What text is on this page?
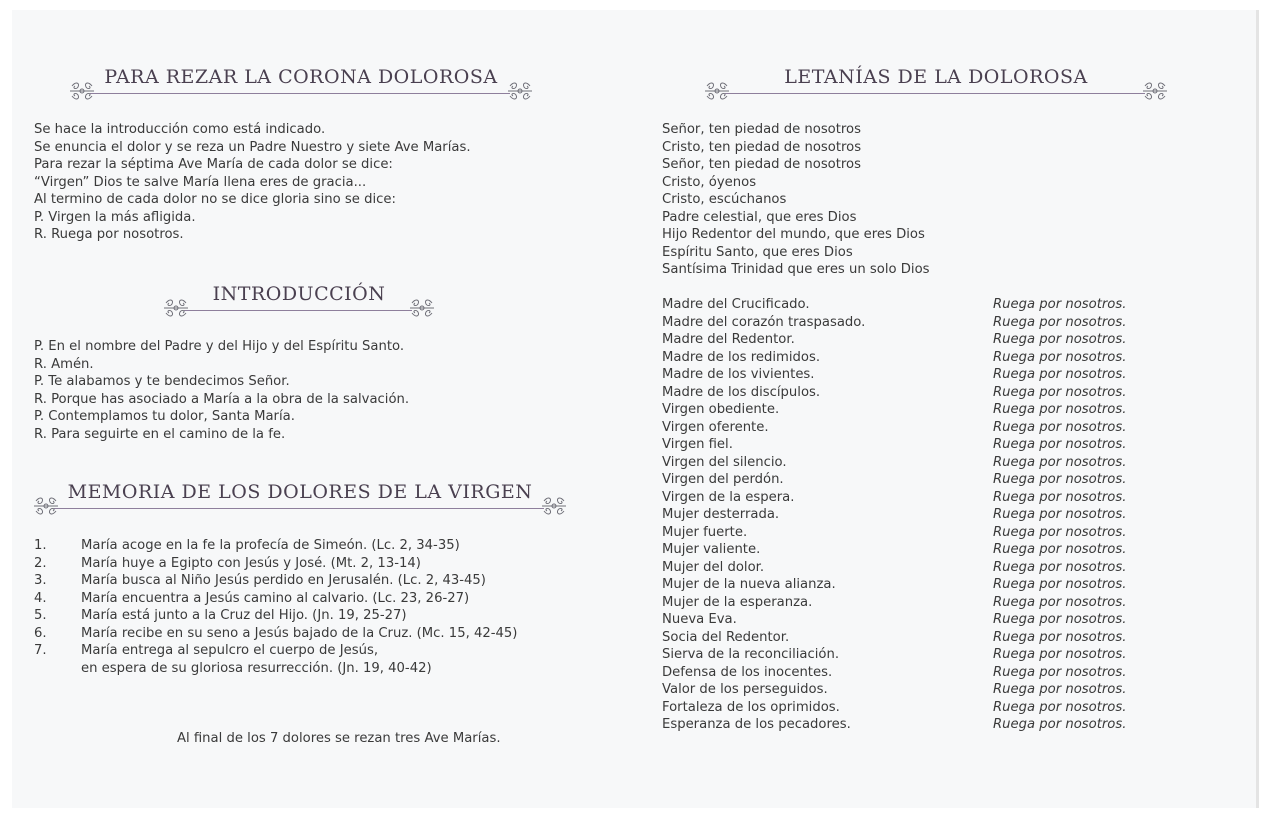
PARA REZAR LA CORONA DOLOROSA
Se hace la introducción como está indicado.
Se enuncia el dolor y se reza un Padre Nuestro y siete Ave Marías.
Para rezar la séptima Ave María de cada dolor se dice:
“Virgen” Dios te salve María llena eres de gracia...
Al termino de cada dolor no se dice gloria sino se dice:
P. Virgen la más afligida.
R. Ruega por nosotros.
INTRODUCCIÓN
P. En el nombre del Padre y del Hijo y del Espíritu Santo.
R. Amén.
P. Te alabamos y te bendecimos Señor.
R. Porque has asociado a María a la obra de la salvación.
P. Contemplamos tu dolor, Santa María.
R. Para seguirte en el camino de la fe.
MEMORIA DE LOS DOLORES DE LA VIRGEN
1.	María acoge en la fe la profecía de Simeón. (Lc. 2, 34-35)
2.	María huye a Egipto con Jesús y José. (Mt. 2, 13-14)
3.	María busca al Niño Jesús perdido en Jerusalén. (Lc. 2, 43-45)
4.	María encuentra a Jesús camino al calvario. (Lc. 23, 26-27)
5.	María está junto a la Cruz del Hijo. (Jn. 19, 25-27)
6.	María recibe en su seno a Jesús bajado de la Cruz. (Mc. 15, 42-45)
7.	María entrega al sepulcro el cuerpo de Jesús,
en espera de su gloriosa resurrección. (Jn. 19, 40-42)
Al final de los 7 dolores se rezan tres Ave Marías.
LETANÍAS DE LA DOLOROSA
Señor, ten piedad de nosotros
Cristo, ten piedad de nosotros
Señor, ten piedad de nosotros
Cristo, óyenos
Cristo, escúchanos
Padre celestial, que eres Dios
Hijo Redentor del mundo, que eres Dios
Espíritu Santo, que eres Dios
Santísima Trinidad que eres un solo Dios
Madre del Crucificado.	Ruega por nosotros.
Madre del corazón traspasado.	Ruega por nosotros.
Madre del Redentor.	Ruega por nosotros.
Madre de los redimidos.	Ruega por nosotros.
Madre de los vivientes.	Ruega por nosotros.
Madre de los discípulos.	Ruega por nosotros.
Virgen obediente.	Ruega por nosotros.
Virgen oferente.	Ruega por nosotros.
Virgen fiel.	Ruega por nosotros.
Virgen del silencio.	Ruega por nosotros.
Virgen del perdón.	Ruega por nosotros.
Virgen de la espera.	Ruega por nosotros.
Mujer desterrada.	Ruega por nosotros.
Mujer fuerte.	Ruega por nosotros.
Mujer valiente.	Ruega por nosotros.
Mujer del dolor.	Ruega por nosotros.
Mujer de la nueva alianza.	Ruega por nosotros.
Mujer de la esperanza.	Ruega por nosotros.
Nueva Eva.	Ruega por nosotros.
Socia del Redentor.	Ruega por nosotros.
Sierva de la reconciliación.	Ruega por nosotros.
Defensa de los inocentes.	Ruega por nosotros.
Valor de los perseguidos.	Ruega por nosotros.
Fortaleza de los oprimidos.	Ruega por nosotros.
Esperanza de los pecadores.	Ruega por nosotros.
